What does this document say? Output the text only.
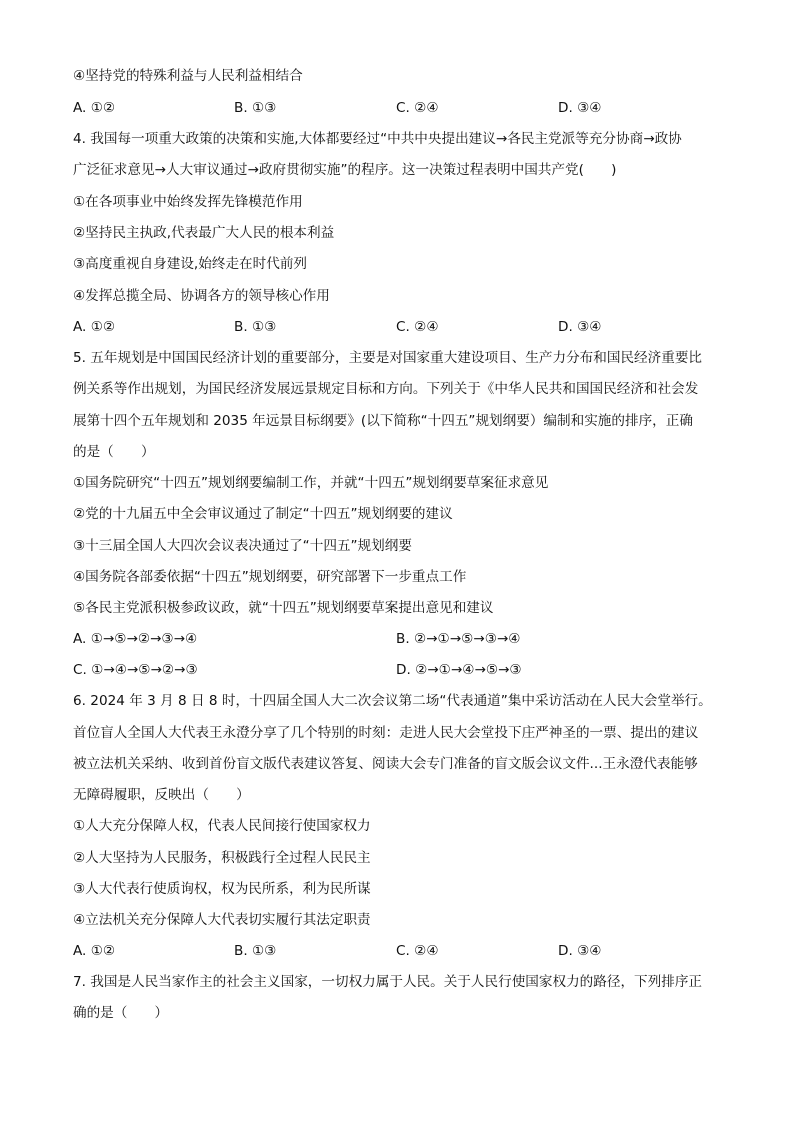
④坚持党的特殊利益与人民利益相结合
A. ①②	B. ①③	C. ②④	D. ③④
4. 我国每一项重大政策的决策和实施,大体都要经过“中共中央提出建议→各民主党派等充分协商→政协
广泛征求意见→人大审议通过→政府贯彻实施”的程序。这一决策过程表明中国共产党(　　)
①在各项事业中始终发挥先锋模范作用
②坚持民主执政,代表最广大人民的根本利益
③高度重视自身建设,始终走在时代前列
④发挥总揽全局、协调各方的领导核心作用
A. ①②	B. ①③	C. ②④	D. ③④
5. 五年规划是中国国民经济计划的重要部分，主要是对国家重大建设项目、生产力分布和国民经济重要比
例关系等作出规划，为国民经济发展远景规定目标和方向。下列关于《中华人民共和国国民经济和社会发
展第十四个五年规划和 2035 年远景目标纲要》(以下简称“十四五”规划纲要）编制和实施的排序，正确
的是（　　）
①国务院研究“十四五”规划纲要编制工作，并就“十四五”规划纲要草案征求意见
②党的十九届五中全会审议通过了制定“十四五”规划纲要的建议
③十三届全国人大四次会议表决通过了“十四五”规划纲要
④国务院各部委依据“十四五”规划纲要，研究部署下一步重点工作
⑤各民主党派积极参政议政，就“十四五”规划纲要草案提出意见和建议
A. ①→⑤→②→③→④	B. ②→①→⑤→③→④
C. ①→④→⑤→②→③	D. ②→①→④→⑤→③
6. 2024 年 3 月 8 日 8 时，十四届全国人大二次会议第二场“代表通道”集中采访活动在人民大会堂举行。
首位盲人全国人大代表王永澄分享了几个特别的时刻：走进人民大会堂投下庄严神圣的一票、提出的建议
被立法机关采纳、收到首份盲文版代表建议答复、阅读大会专门准备的盲文版会议文件...王永澄代表能够
无障碍履职，反映出（　　）
①人大充分保障人权，代表人民间接行使国家权力
②人大坚持为人民服务，积极践行全过程人民民主
③人大代表行使质询权，权为民所系，利为民所谋
④立法机关充分保障人大代表切实履行其法定职责
A. ①②	B. ①③	C. ②④	D. ③④
7. 我国是人民当家作主的社会主义国家，一切权力属于人民。关于人民行使国家权力的路径，下列排序正
确的是（　　）
